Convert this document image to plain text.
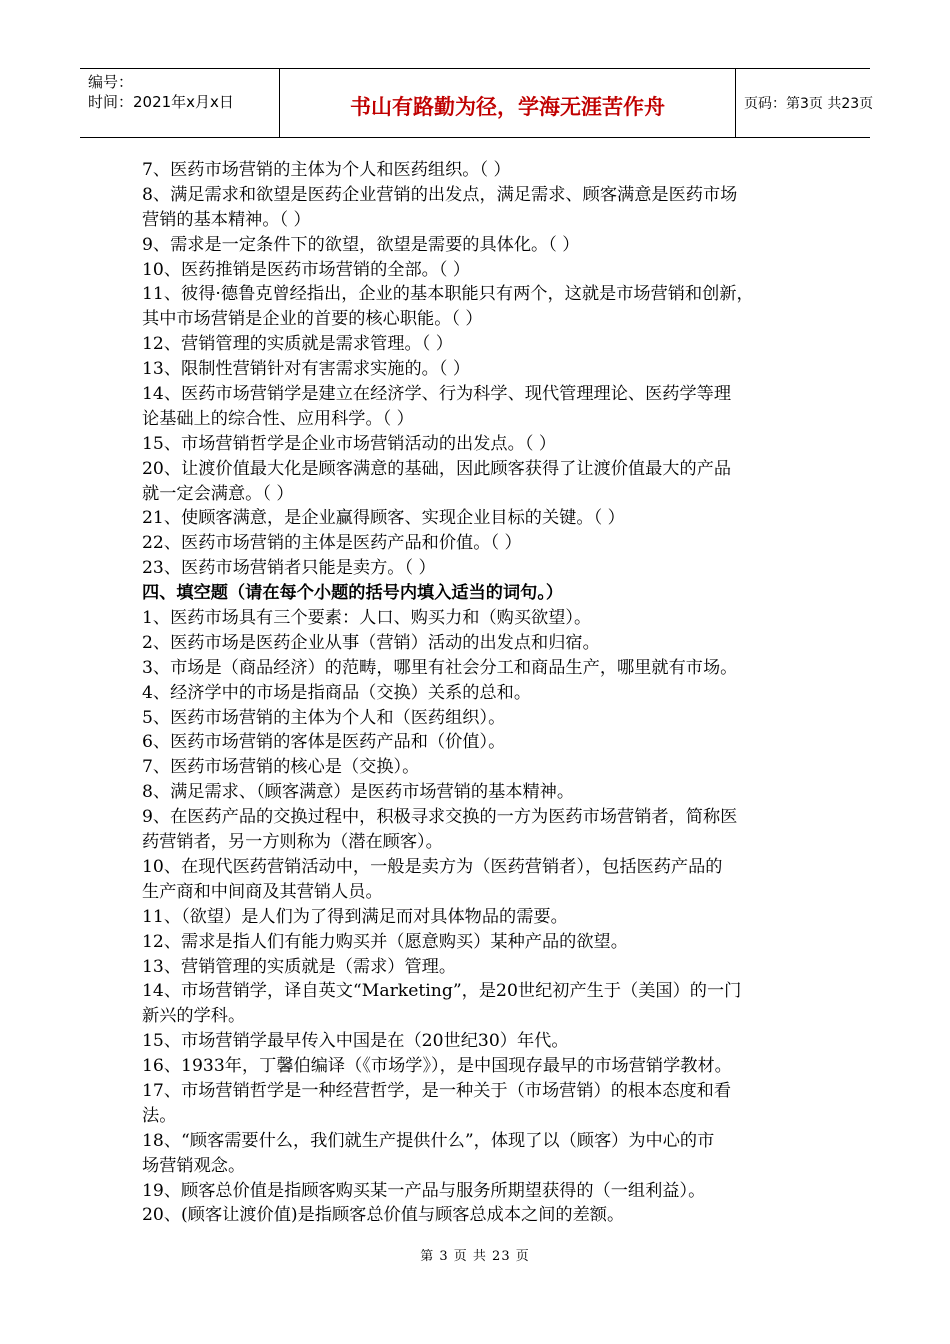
编号：
时间：2021年x月x日	书山有路勤为径，学海无涯苦作舟	页码：第3页 共23页
7、医药市场营销的主体为个人和医药组织。（ ）
8、满足需求和欲望是医药企业营销的出发点，满足需求、顾客满意是医药市场
营销的基本精神。（ ）
9、需求是一定条件下的欲望，欲望是需要的具体化。（ ）
10、医药推销是医药市场营销的全部。（ ）
11、彼得·德鲁克曾经指出，企业的基本职能只有两个，这就是市场营销和创新，
其中市场营销是企业的首要的核心职能。（ ）
12、营销管理的实质就是需求管理。（ ）
13、限制性营销针对有害需求实施的。（ ）
14、医药市场营销学是建立在经济学、行为科学、现代管理理论、医药学等理
论基础上的综合性、应用科学。（ ）
15、市场营销哲学是企业市场营销活动的出发点。（ ）
20、让渡价值最大化是顾客满意的基础，因此顾客获得了让渡价值最大的产品
就一定会满意。（ ）
21、使顾客满意，是企业赢得顾客、实现企业目标的关键。（ ）
22、医药市场营销的主体是医药产品和价值。（ ）
23、医药市场营销者只能是卖方。（ ）
四、填空题（请在每个小题的括号内填入适当的词句。）
1、医药市场具有三个要素：人口、购买力和（购买欲望）。
2、医药市场是医药企业从事（营销）活动的出发点和归宿。
3、市场是（商品经济）的范畴，哪里有社会分工和商品生产，哪里就有市场。
4、经济学中的市场是指商品（交换）关系的总和。
5、医药市场营销的主体为个人和（医药组织）。
6、医药市场营销的客体是医药产品和（价值）。
7、医药市场营销的核心是（交换）。
8、满足需求、（顾客满意）是医药市场营销的基本精神。
9、在医药产品的交换过程中，积极寻求交换的一方为医药市场营销者，简称医
药营销者，另一方则称为（潜在顾客）。
10、在现代医药营销活动中，一般是卖方为（医药营销者），包括医药产品的
生产商和中间商及其营销人员。
11、（欲望）是人们为了得到满足而对具体物品的需要。
12、需求是指人们有能力购买并（愿意购买）某种产品的欲望。
13、营销管理的实质就是（需求）管理。
14、市场营销学，译自英文“Marketing”，是20世纪初产生于（美国）的一门
新兴的学科。
15、市场营销学最早传入中国是在（20世纪30）年代。
16、1933年，丁馨伯编译（《市场学》），是中国现存最早的市场营销学教材。
17、市场营销哲学是一种经营哲学，是一种关于（市场营销）的根本态度和看
法。
18、“顾客需要什么，我们就生产提供什么”，体现了以（顾客）为中心的市
场营销观念。
19、顾客总价值是指顾客购买某一产品与服务所期望获得的（一组利益）。
20、(顾客让渡价值)是指顾客总价值与顾客总成本之间的差额。
第 3 页 共 23 页
